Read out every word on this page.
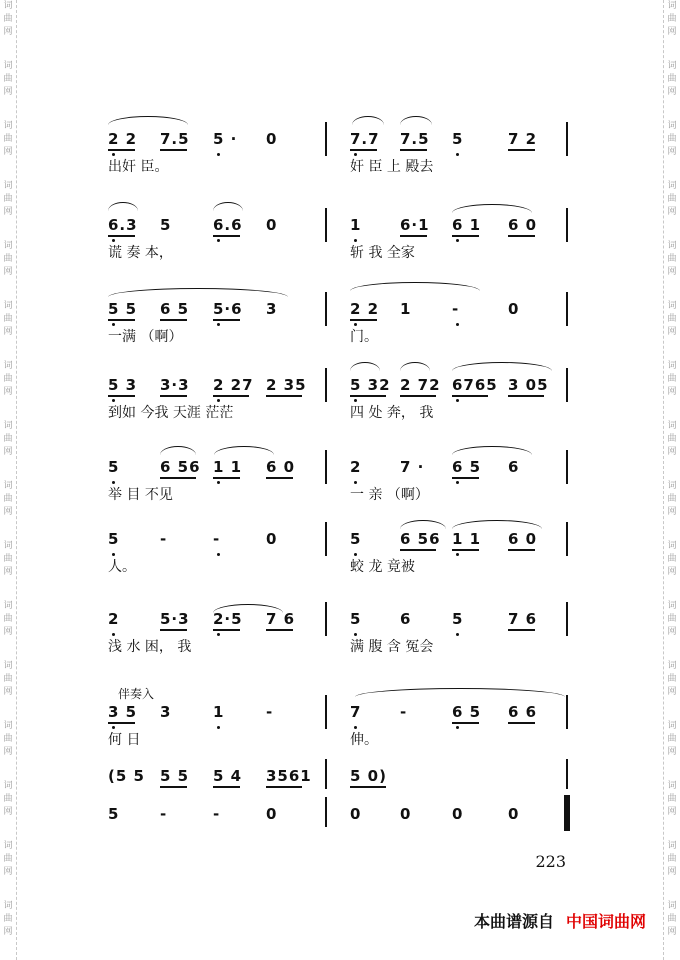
词
曲
网
词
曲
网
词
曲
网
词
曲
网
词
曲
网
词
曲
网
词
曲
网
词
曲
网
词
曲
网
词
曲
网
词
曲
网
词
曲
网
词
曲
网
词
曲
网
词
曲
网
词
曲
网
词
曲
网
词
曲
网
词
曲
网
词
曲
网
词
曲
网
词
曲
网
词
曲
网
词
曲
网
词
曲
网
词
曲
网
词
曲
网
词
曲
网
词
曲
网
词
曲
网
词
曲
网
词
曲
网
2 2 7.5 5 · 0
出奸 臣。
7.7 7.5 5	7 2
奸 臣 上 殿去
6.3 5	6.6 0
谎 奏 本，
1	6·1 6 1 6 0
斩 我 全家
5 5 6 5 5·6 3
一满 （啊）
2 2 1	-	0
门。
5 3 3·3 2 27 2 35
到如 今我 天涯 茫茫
5 32 2 72 6765 3 05
四 处 奔， 我
5	6 56 1 1 6 0
举 目 不见
2	7 · 6 5 6
一 亲 （啊）
5	-	-	0
人。
5	6 56 1 1 6 0
蛟 龙 竟被
2	5·3 2·5 7 6
浅 水 困， 我
5	6	5	7 6
满 腹 含 冤会
3 5 3	1	-
何 日
7	-	6 5 6 6
伸。
(5 5 5 5 5 4 3561	5 0)
5	-	-	0	0	0	0	0
伴奏入
223
本曲谱源自 中国词曲网
